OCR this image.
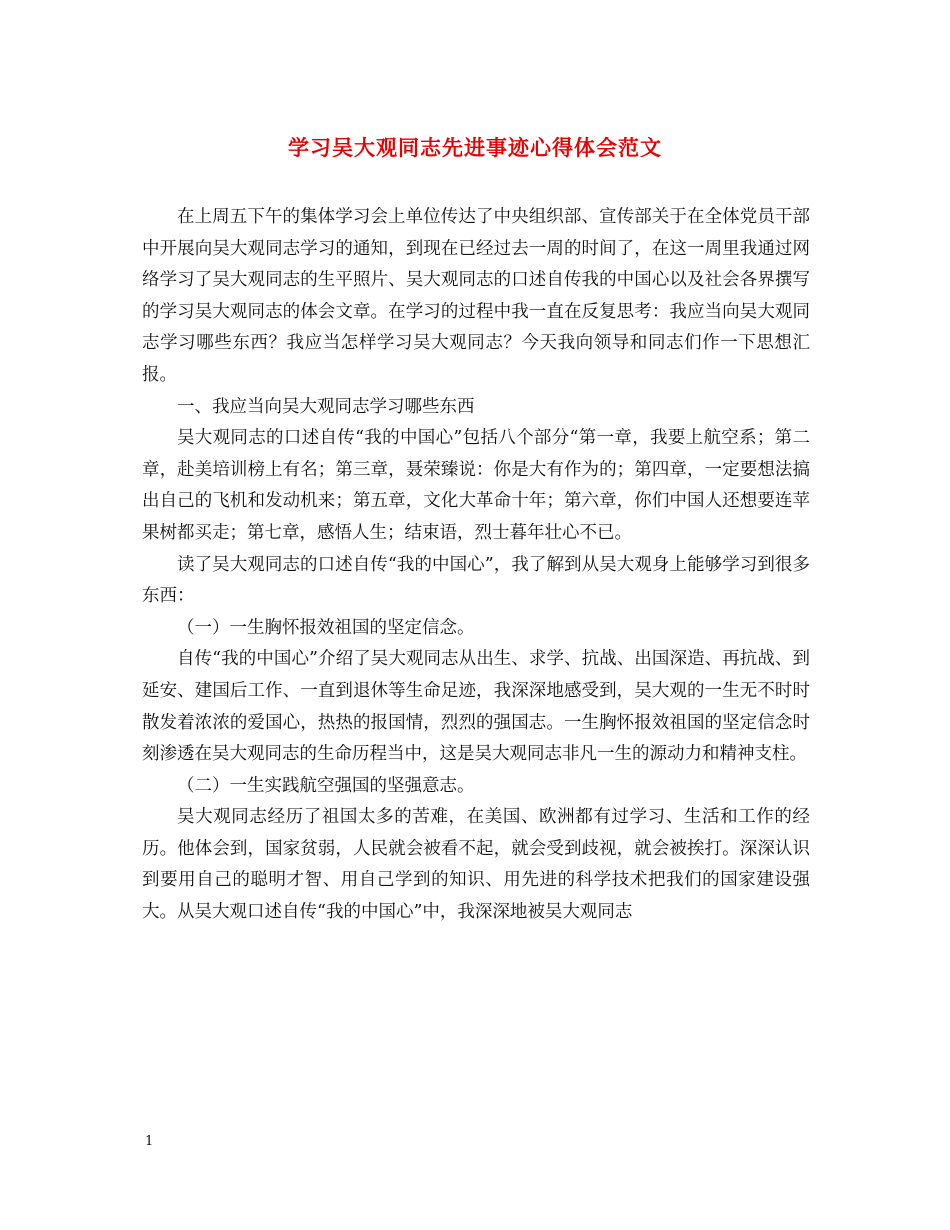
学习吴大观同志先进事迹心得体会范文

在上周五下午的集体学习会上单位传达了中央组织部、宣传部关于在全体党员干部中开展向吴大观同志学习的通知，到现在已经过去一周的时间了，在这一周里我通过网络学习了吴大观同志的生平照片、吴大观同志的口述自传我的中国心以及社会各界撰写的学习吴大观同志的体会文章。在学习的过程中我一直在反复思考：我应当向吴大观同志学习哪些东西？我应当怎样学习吴大观同志？今天我向领导和同志们作一下思想汇报。

一、我应当向吴大观同志学习哪些东西

吴大观同志的口述自传“我的中国心”包括八个部分“第一章，我要上航空系；第二章，赴美培训榜上有名；第三章，聂荣臻说：你是大有作为的；第四章，一定要想法搞出自己的飞机和发动机来；第五章，文化大革命十年；第六章，你们中国人还想要连苹果树都买走；第七章，感悟人生；结束语，烈士暮年壮心不已。

读了吴大观同志的口述自传“我的中国心”，我了解到从吴大观身上能够学习到很多东西：

（一）一生胸怀报效祖国的坚定信念。

自传“我的中国心”介绍了吴大观同志从出生、求学、抗战、出国深造、再抗战、到延安、建国后工作、一直到退休等生命足迹，我深深地感受到，吴大观的一生无不时时散发着浓浓的爱国心，热热的报国情，烈烈的强国志。一生胸怀报效祖国的坚定信念时刻渗透在吴大观同志的生命历程当中，这是吴大观同志非凡一生的源动力和精神支柱。

（二）一生实践航空强国的坚强意志。

吴大观同志经历了祖国太多的苦难，在美国、欧洲都有过学习、生活和工作的经历。他体会到，国家贫弱，人民就会被看不起，就会受到歧视，就会被挨打。深深认识到要用自己的聪明才智、用自己学到的知识、用先进的科学技术把我们的国家建设强大。从吴大观口述自传“我的中国心”中，我深深地被吴大观同志

1
